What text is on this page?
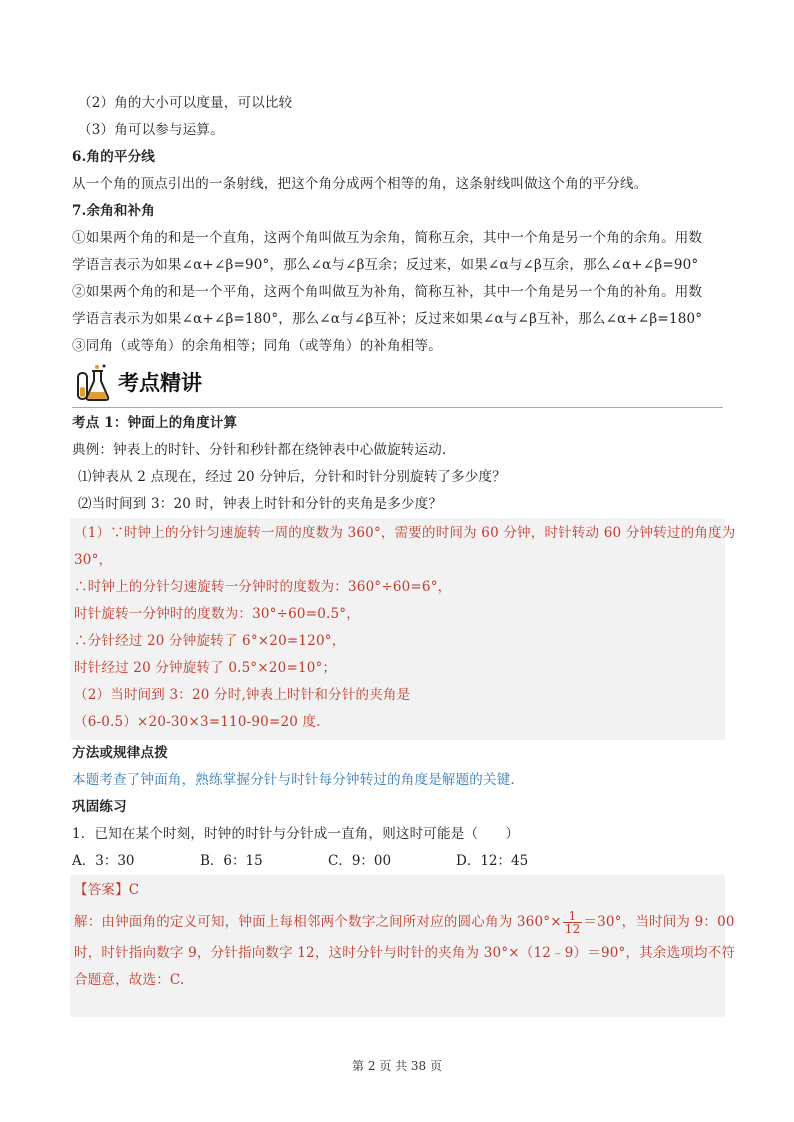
（2）角的大小可以度量，可以比较
（3）角可以参与运算。
6.角的平分线
从一个角的顶点引出的一条射线，把这个角分成两个相等的角，这条射线叫做这个角的平分线。
7.余角和补角
①如果两个角的和是一个直角，这两个角叫做互为余角，简称互余，其中一个角是另一个角的余角。用数
学语言表示为如果∠α+∠β=90°，那么∠α与∠β互余；反过来，如果∠α与∠β互余，那么∠α+∠β=90°
②如果两个角的和是一个平角，这两个角叫做互为补角，简称互补，其中一个角是另一个角的补角。用数
学语言表示为如果∠α+∠β=180°，那么∠α与∠β互补；反过来如果∠α与∠β互补，那么∠α+∠β=180°
③同角（或等角）的余角相等；同角（或等角）的补角相等。
考点精讲
考点 1：钟面上的角度计算
典例：钟表上的时针、分针和秒针都在绕钟表中心做旋转运动.
⑴钟表从 2 点现在，经过 20 分钟后，分针和时针分别旋转了多少度？
⑵当时间到 3：20 时，钟表上时针和分针的夹角是多少度？
（1）∵时钟上的分针匀速旋转一周的度数为 360°，需要的时间为 60 分钟，时针转动 60 分钟转过的角度为
30°，
∴时钟上的分针匀速旋转一分钟时的度数为：360°÷60=6°，
时针旋转一分钟时的度数为：30°÷60=0.5°，
∴分针经过 20 分钟旋转了 6°×20=120°，
时针经过 20 分钟旋转了 0.5°×20=10°；
（2）当时间到 3：20 分时,钟表上时针和分针的夹角是
（6-0.5）×20-30×3=110-90=20 度.
方法或规律点拨
本题考查了钟面角，熟练掌握分针与时针每分钟转过的角度是解题的关键.
巩固练习
1．已知在某个时刻，时钟的时针与分针成一直角，则这时可能是（　　）
A．3：30	B．6：15	C．9：00	D．12：45
【答案】C
解：由钟面角的定义可知，钟面上每相邻两个数字之间所对应的圆心角为 $360^\circ\times \frac{1}{12} =30^\circ$，当时间为 9：00
时，时针指向数字 9，分针指向数字 12，这时分针与时针的夹角为 30°×（12﹣9）＝90°，其余选项均不符
合题意，故选：C.
第 2 页 共 38 页
